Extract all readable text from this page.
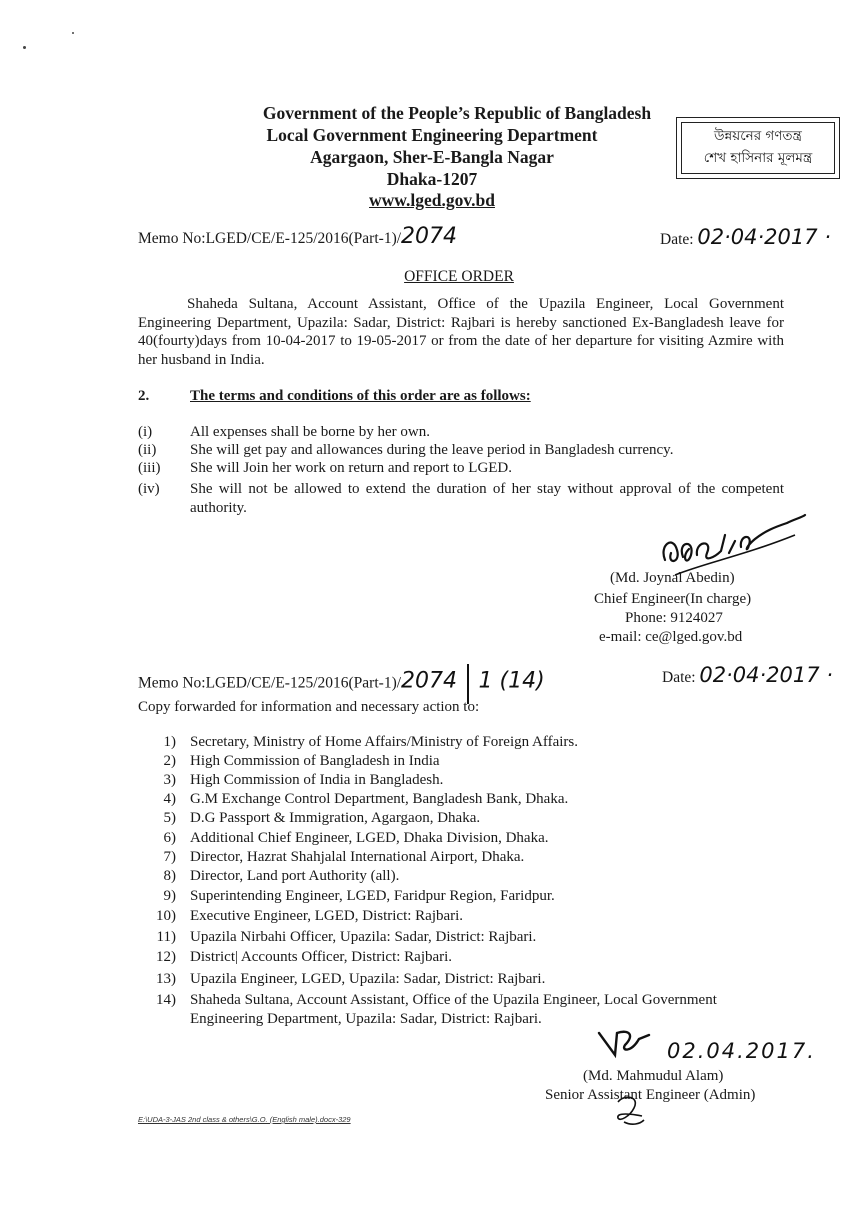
Government of the People’s Republic of Bangladesh
Local Government Engineering Department
Agargaon, Sher-E-Bangla Nagar
Dhaka-1207
www.lged.gov.bd
উন্নয়নের গণতন্ত্র
শেখ হাসিনার মূলমন্ত্র
Memo No:LGED/CE/E-125/2016(Part-1)/2074	Date: 02·04·2017 ·
OFFICE ORDER
Shaheda Sultana, Account Assistant, Office of the Upazila Engineer, Local Government Engineering Department, Upazila: Sadar, District: Rajbari is hereby sanctioned Ex-Bangladesh leave for 40(fourty)days from 10-04-2017 to 19-05-2017 or from the date of her departure for visiting Azmire with her husband in India.
2.	The terms and conditions of this order are as follows:
(i)	All expenses shall be borne by her own.
(ii) She will get pay and allowances during the leave period in Bangladesh currency.
(iii) She will Join her work on return and report to LGED.
(iv) She will not be allowed to extend the duration of her stay without approval of the competent authority.
(Md. Joynal Abedin)
Chief Engineer(In charge)
Phone: 9124027
e-mail: ce@lged.gov.bd
Memo No:LGED/CE/E-125/2016(Part-1)/2074 1 (14)	Date: 02·04·2017 ·
Copy forwarded for information and necessary action to:
1) Secretary, Ministry of Home Affairs/Ministry of Foreign Affairs.
2) High Commission of Bangladesh in India
3) High Commission of India in Bangladesh.
4) G.M Exchange Control Department, Bangladesh Bank, Dhaka.
5) D.G Passport & Immigration, Agargaon, Dhaka.
6) Additional Chief Engineer, LGED, Dhaka Division, Dhaka.
7) Director, Hazrat Shahjalal International Airport, Dhaka.
8) Director, Land port Authority (all).
9) Superintending Engineer, LGED, Faridpur Region, Faridpur.
10) Executive Engineer, LGED, District: Rajbari.
11) Upazila Nirbahi Officer, Upazila: Sadar, District: Rajbari.
12) District| Accounts Officer, District: Rajbari.
13) Upazila Engineer, LGED, Upazila: Sadar, District: Rajbari.
14) Shaheda Sultana, Account Assistant, Office of the Upazila Engineer, Local Government Engineering Department, Upazila: Sadar, District: Rajbari.
02.04.2017.
(Md. Mahmudul Alam)
Senior Assistant Engineer (Admin)
E:\UDA-3-JAS 2nd class & others\G.O. (English male).docx-329
